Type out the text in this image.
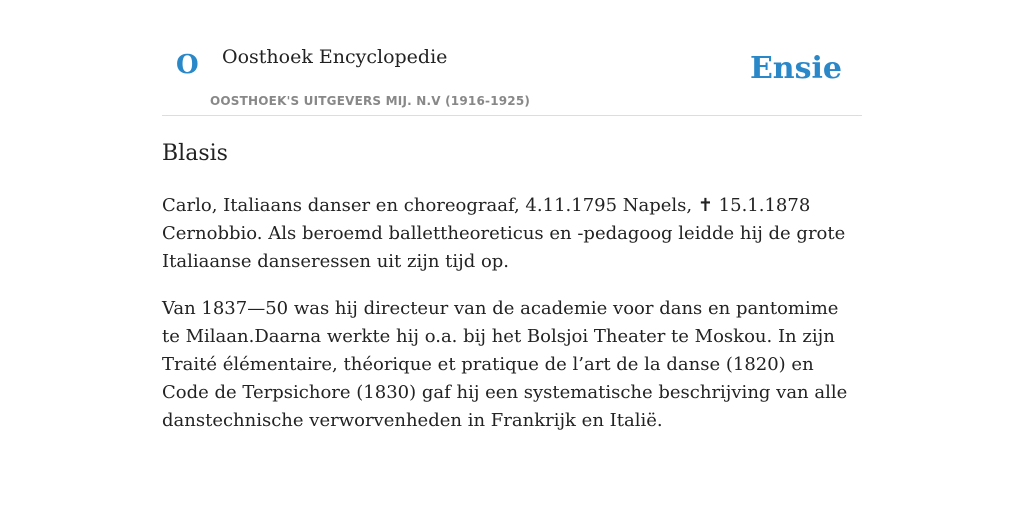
O Oosthoek Encyclopedie
OOSTHOEK'S UITGEVERS MIJ. N.V (1916-1925)
Ensie
Blasis

Carlo, Italiaans danser en choreograaf, 4.11.1795 Napels, ✝ 15.1.1878 Cernobbio. Als beroemd ballettheoreticus en -pedagoog leidde hij de grote Italiaanse danseressen uit zijn tijd op.

Van 1837—50 was hij directeur van de academie voor dans en pantomime te Milaan.Daarna werkte hij o.a. bij het Bolsjoi Theater te Moskou. In zijn Traité élémentaire, théorique et pratique de l’art de la danse (1820) en Code de Terpsichore (1830) gaf hij een systematische beschrijving van alle danstechnische verworvenheden in Frankrijk en Italië.
